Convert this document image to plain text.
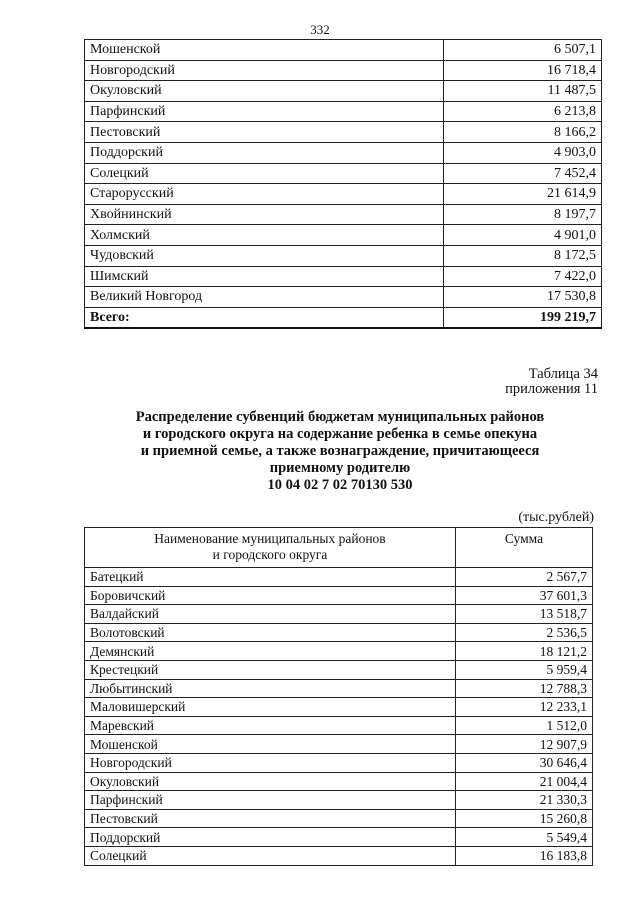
332
Мошенской	6 507,1
Новгородский	16 718,4
Окуловский	11 487,5
Парфинский	6 213,8
Пестовский	8 166,2
Поддорский	4 903,0
Солецкий	7 452,4
Старорусский	21 614,9
Хвойнинский	8 197,7
Холмский	4 901,0
Чудовский	8 172,5
Шимский	7 422,0
Великий Новгород	17 530,8
Всего:	199 219,7
Таблица 34
приложения 11
Распределение субвенций бюджетам муниципальных районов
и городского округа на содержание ребенка в семье опекуна
и приемной семье, а также вознаграждение, причитающееся
приемному родителю
10 04 02 7 02 70130 530
(тыс.рублей)
Наименование муниципальных районов
и городского округа	Сумма
Батецкий	2 567,7
Боровичский	37 601,3
Валдайский	13 518,7
Волотовский	2 536,5
Демянский	18 121,2
Крестецкий	5 959,4
Любытинский	12 788,3
Маловишерский	12 233,1
Маревский	1 512,0
Мошенской	12 907,9
Новгородский	30 646,4
Окуловский	21 004,4
Парфинский	21 330,3
Пестовский	15 260,8
Поддорский	5 549,4
Солецкий	16 183,8
